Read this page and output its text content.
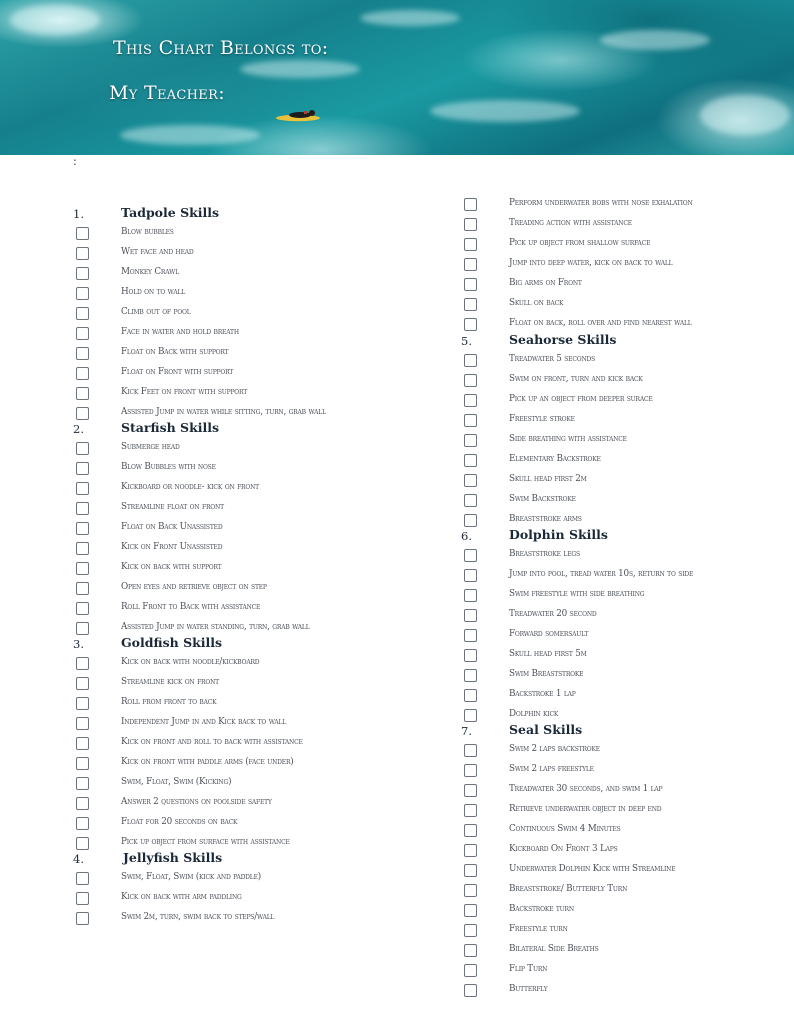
This Chart Belongs to:
My Teacher:
:
1.	Tadpole Skills
Blow bubbles
Wet face and head
Monkey Crawl
Hold on to wall
Climb out of pool
Face in water and hold breath
Float on Back with support
Float on Front with support
Kick Feet on front with support
Assisted Jump in water while sitting, turn, grab wall
2.	Starfish Skills
Submerge head
Blow Bubbles with nose
Kickboard or noodle- kick on front
Streamline float on front
Float on Back Unassisted
Kick on Front Unassisted
Kick on back with support
Open eyes and retrieve object on step
Roll Front to Back with assistance
Assisted Jump in water standing, turn, grab wall
3.	Goldfish Skills
Kick on back with noodle/kickboard
Streamline kick on front
Roll from front to back
Independent Jump in and Kick back to wall
Kick on front and roll to back with assistance
Kick on front with paddle arms (face under)
Swim, Float, Swim (Kicking)
Answer 2 questions on poolside safety
Float for 20 seconds on back
Pick up object from surface with assistance
4.	Jellyfish Skills
Swim, Float, Swim (kick and paddle)
Kick on back with arm paddling
Swim 2m, turn, swim back to steps/wall
Perform underwater bobs with nose exhalation
Treading action with assistance
Pick up object from shallow surface
Jump into deep water, kick on back to wall
Big arms on Front
Skull on back
Float on back, roll over and find nearest wall
5.	Seahorse Skills
Treadwater 5 seconds
Swim on front, turn and kick back
Pick up an object from deeper surace
Freestyle stroke
Side breathing with assistance
Elementary Backstroke
Skull head first 2m
Swim Backstroke
Breaststroke arms
6.	Dolphin Skills
Breaststroke legs
Jump into pool, tread water 10s, return to side
Swim freestyle with side breathing
Treadwater 20 second
Forward somersault
Skull head first 5m
Swim Breaststroke
Backstroke 1 lap
Dolphin kick
7.	Seal Skills
Swim 2 laps backstroke
Swim 2 laps freestyle
Treadwater 30 seconds, and swim 1 lap
Retrieve underwater object in deep end
Continuous Swim 4 Minutes
Kickboard On Front 3 Laps
Underwater Dolphin Kick with Streamline
Breaststroke/ Butterfly Turn
Backstroke turn
Freestyle turn
Bilateral Side Breaths
Flip Turn
Butterfly
